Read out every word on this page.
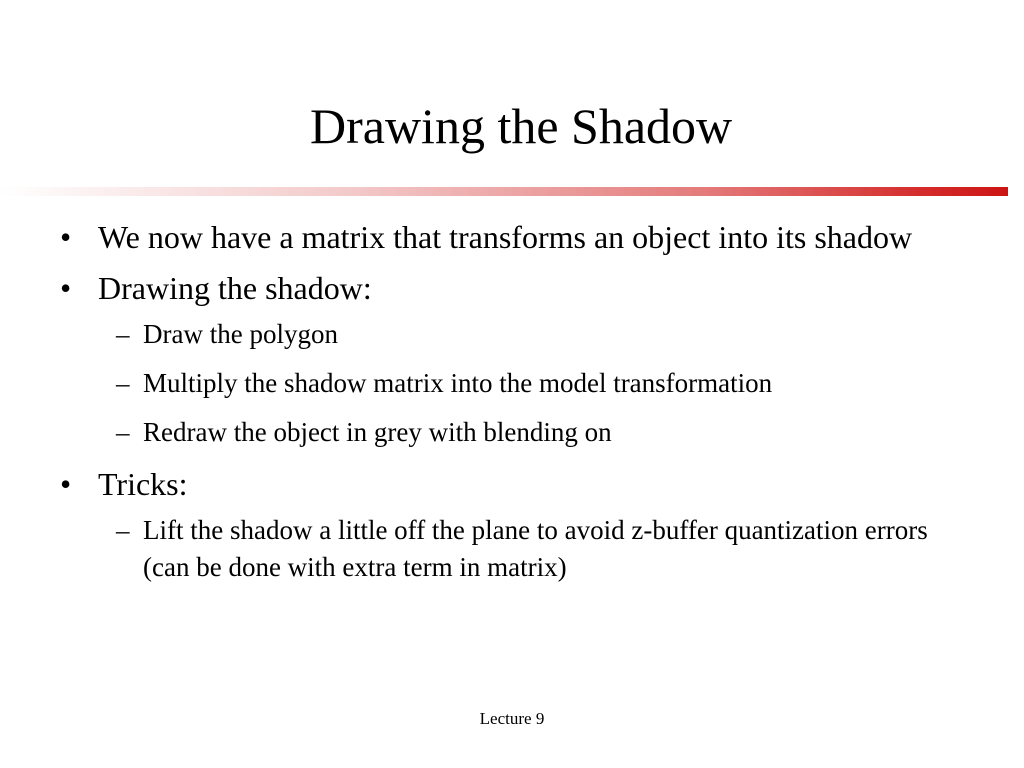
Drawing the Shadow
• We now have a matrix that transforms an object into its shadow
• Drawing the shadow:
– Draw the polygon
– Multiply the shadow matrix into the model transformation
– Redraw the object in grey with blending on
• Tricks:
– Lift the shadow a little off the plane to avoid z-buffer quantization errors (can be done with extra term in matrix)
Lecture 9
